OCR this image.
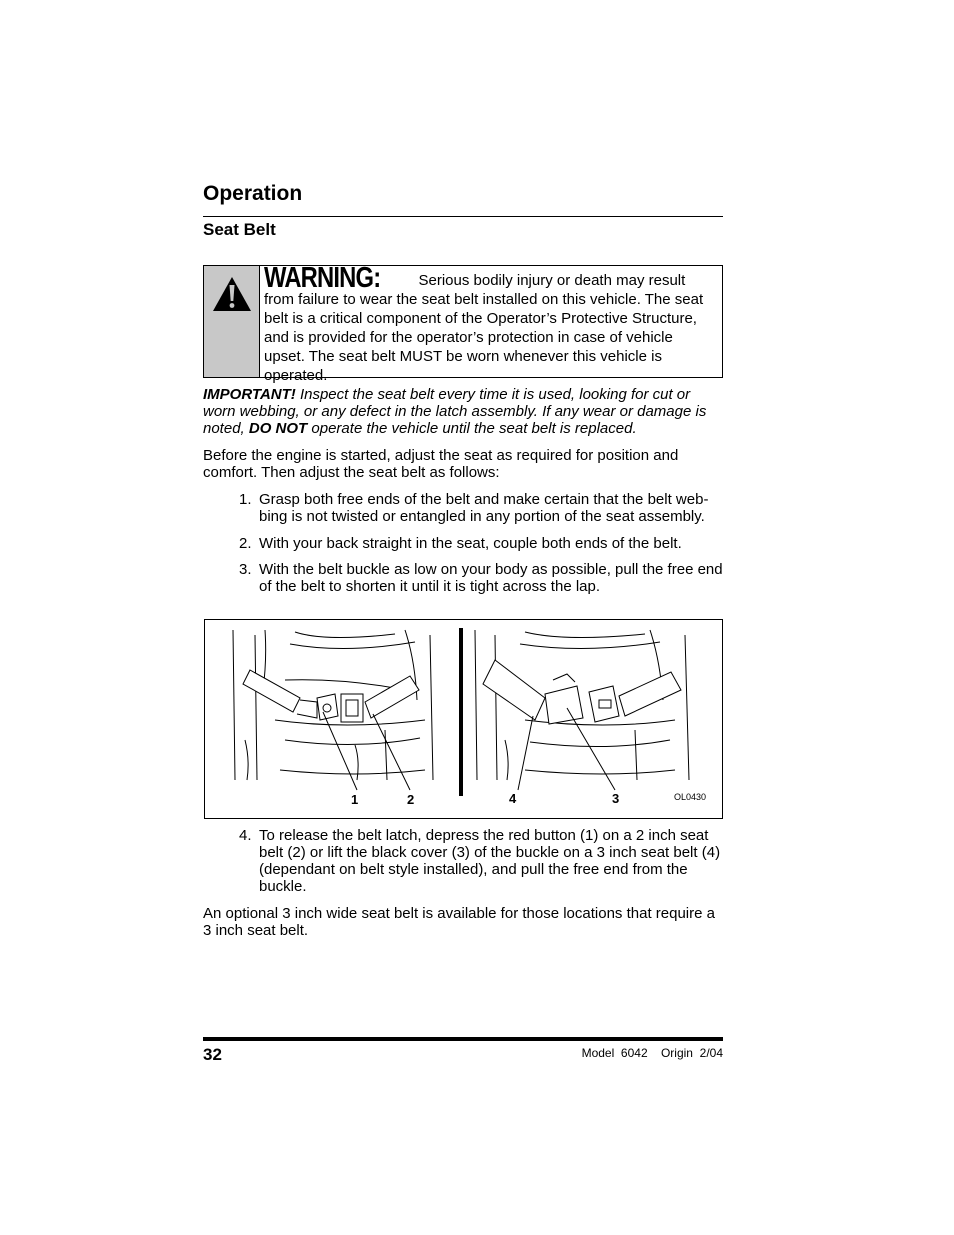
Operation
Seat Belt
WARNING:	Serious bodily injury or death may result from failure to wear the seat belt installed on this vehicle. The seat belt is a critical component of the Operator’s Protective Structure, and is provided for the operator’s protection in case of vehicle upset. The seat belt MUST be worn whenever this vehicle is operated.
IMPORTANT! Inspect the seat belt every time it is used, looking for cut or worn webbing, or any defect in the latch assembly. If any wear or damage is noted, DO NOT operate the vehicle until the seat belt is replaced.
Before the engine is started, adjust the seat as required for position and comfort. Then adjust the seat belt as follows:
1. Grasp both free ends of the belt and make certain that the belt web-bing is not twisted or entangled in any portion of the seat assembly.
2. With your back straight in the seat, couple both ends of the belt.
3. With the belt buckle as low on your body as possible, pull the free end of the belt to shorten it until it is tight across the lap.
1	2	4	3	OL0430
4. To release the belt latch, depress the red button (1) on a 2 inch seat belt (2) or lift the black cover (3) of the buckle on a 3 inch seat belt (4) (dependant on belt style installed), and pull the free end from the buckle.
An optional 3 inch wide seat belt is available for those locations that require a 3 inch seat belt.
32	Model  6042    Origin  2/04
